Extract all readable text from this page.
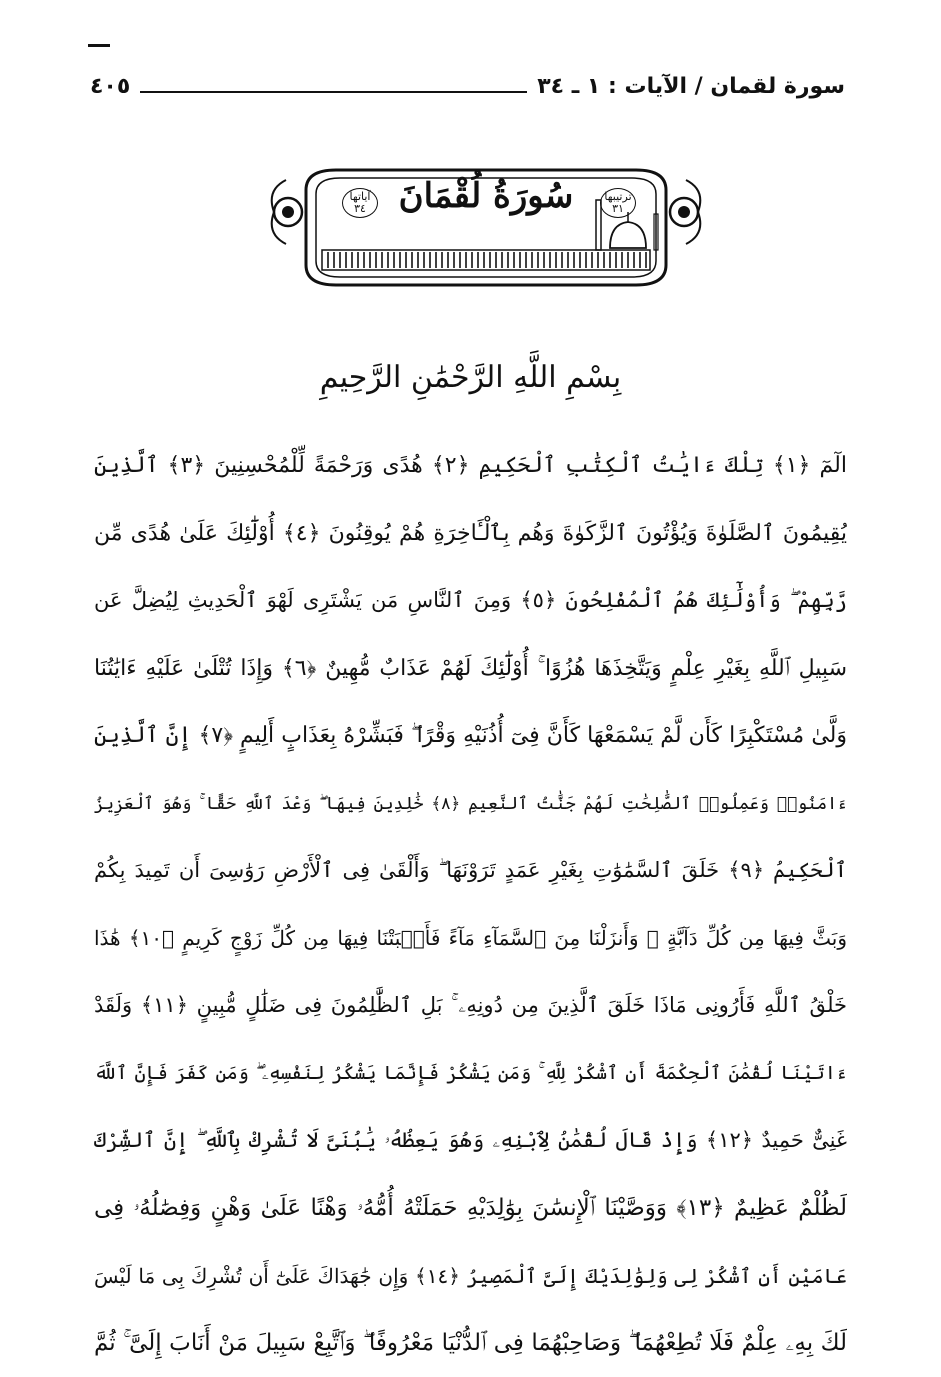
سورة لقمان / الآيات : ١ ـ ٣٤
٤٠٥
سُورَةُ لُقْمَانَ
آياتها
٣٤
ترتيبها
٣١
بِسْمِ اللَّهِ الرَّحْمَٰنِ الرَّحِيمِ
الٓمٓ ﴿١﴾ تِلْكَ ءَايَٰتُ ٱلْكِتَٰبِ ٱلْحَكِيمِ ﴿٢﴾ هُدًى وَرَحْمَةً لِّلْمُحْسِنِينَ ﴿٣﴾ ٱلَّذِينَ
يُقِيمُونَ ٱلصَّلَوٰةَ وَيُؤْتُونَ ٱلزَّكَوٰةَ وَهُم بِٱلْـَٔاخِرَةِ هُمْ يُوقِنُونَ ﴿٤﴾ أُوْلَٰٓئِكَ عَلَىٰ هُدًى مِّن
رَّبِّهِمْ ۖ وَأُوْلَٰٓئِكَ هُمُ ٱلْمُفْلِحُونَ ﴿٥﴾ وَمِنَ ٱلنَّاسِ مَن يَشْتَرِى لَهْوَ ٱلْحَدِيثِ لِيُضِلَّ عَن
سَبِيلِ ٱللَّهِ بِغَيْرِ عِلْمٍ وَيَتَّخِذَهَا هُزُوًا ۚ أُوْلَٰٓئِكَ لَهُمْ عَذَابٌ مُّهِينٌ ﴿٦﴾ وَإِذَا تُتْلَىٰ عَلَيْهِ ءَايَٰتُنَا
وَلَّىٰ مُسْتَكْبِرًا كَأَن لَّمْ يَسْمَعْهَا كَأَنَّ فِىٓ أُذُنَيْهِ وَقْرًا ۖ فَبَشِّرْهُ بِعَذَابٍ أَلِيمٍ ﴿٧﴾ إِنَّ ٱلَّذِينَ
ءَامَنُوا۟ وَعَمِلُوا۟ ٱلصَّٰلِحَٰتِ لَهُمْ جَنَّٰتُ ٱلنَّعِيمِ ﴿٨﴾ خَٰلِدِينَ فِيهَا ۖ وَعْدَ ٱللَّهِ حَقًّا ۚ وَهُوَ ٱلْعَزِيزُ
ٱلْحَكِيمُ ﴿٩﴾ خَلَقَ ٱلسَّمَٰوَٰتِ بِغَيْرِ عَمَدٍ تَرَوْنَهَا ۖ وَأَلْقَىٰ فِى ٱلْأَرْضِ رَوَٰسِىَ أَن تَمِيدَ بِكُمْ
وَبَثَّ فِيهَا مِن كُلِّ دَآبَّةٍ ۚ وَأَنزَلْنَا مِنَ ٱلسَّمَآءِ مَآءً فَأَنۢبَتْنَا فِيهَا مِن كُلِّ زَوْجٍ كَرِيمٍ ﴿١٠﴾ هَٰذَا
خَلْقُ ٱللَّهِ فَأَرُونِى مَاذَا خَلَقَ ٱلَّذِينَ مِن دُونِهِۦ ۚ بَلِ ٱلظَّٰلِمُونَ فِى ضَلَٰلٍ مُّبِينٍ ﴿١١﴾ وَلَقَدْ
ءَاتَيْنَا لُقْمَٰنَ ٱلْحِكْمَةَ أَنِ ٱشْكُرْ لِلَّهِ ۚ وَمَن يَشْكُرْ فَإِنَّمَا يَشْكُرُ لِنَفْسِهِۦ ۖ وَمَن كَفَرَ فَإِنَّ ٱللَّهَ
غَنِىٌّ حَمِيدٌ ﴿١٢﴾ وَإِذْ قَالَ لُقْمَٰنُ لِٱبْنِهِۦ وَهُوَ يَعِظُهُۥ يَٰبُنَىَّ لَا تُشْرِكْ بِٱللَّهِ ۖ إِنَّ ٱلشِّرْكَ
لَظُلْمٌ عَظِيمٌ ﴿١٣﴾ وَوَصَّيْنَا ٱلْإِنسَٰنَ بِوَٰلِدَيْهِ حَمَلَتْهُ أُمُّهُۥ وَهْنًا عَلَىٰ وَهْنٍ وَفِصَٰلُهُۥ فِى
عَامَيْنِ أَنِ ٱشْكُرْ لِى وَلِوَٰلِدَيْكَ إِلَىَّ ٱلْمَصِيرُ ﴿١٤﴾ وَإِن جَٰهَدَاكَ عَلَىٰٓ أَن تُشْرِكَ بِى مَا لَيْسَ
لَكَ بِهِۦ عِلْمٌ فَلَا تُطِعْهُمَا ۖ وَصَاحِبْهُمَا فِى ٱلدُّنْيَا مَعْرُوفًا ۖ وَٱتَّبِعْ سَبِيلَ مَنْ أَنَابَ إِلَىَّ ۚ ثُمَّ
